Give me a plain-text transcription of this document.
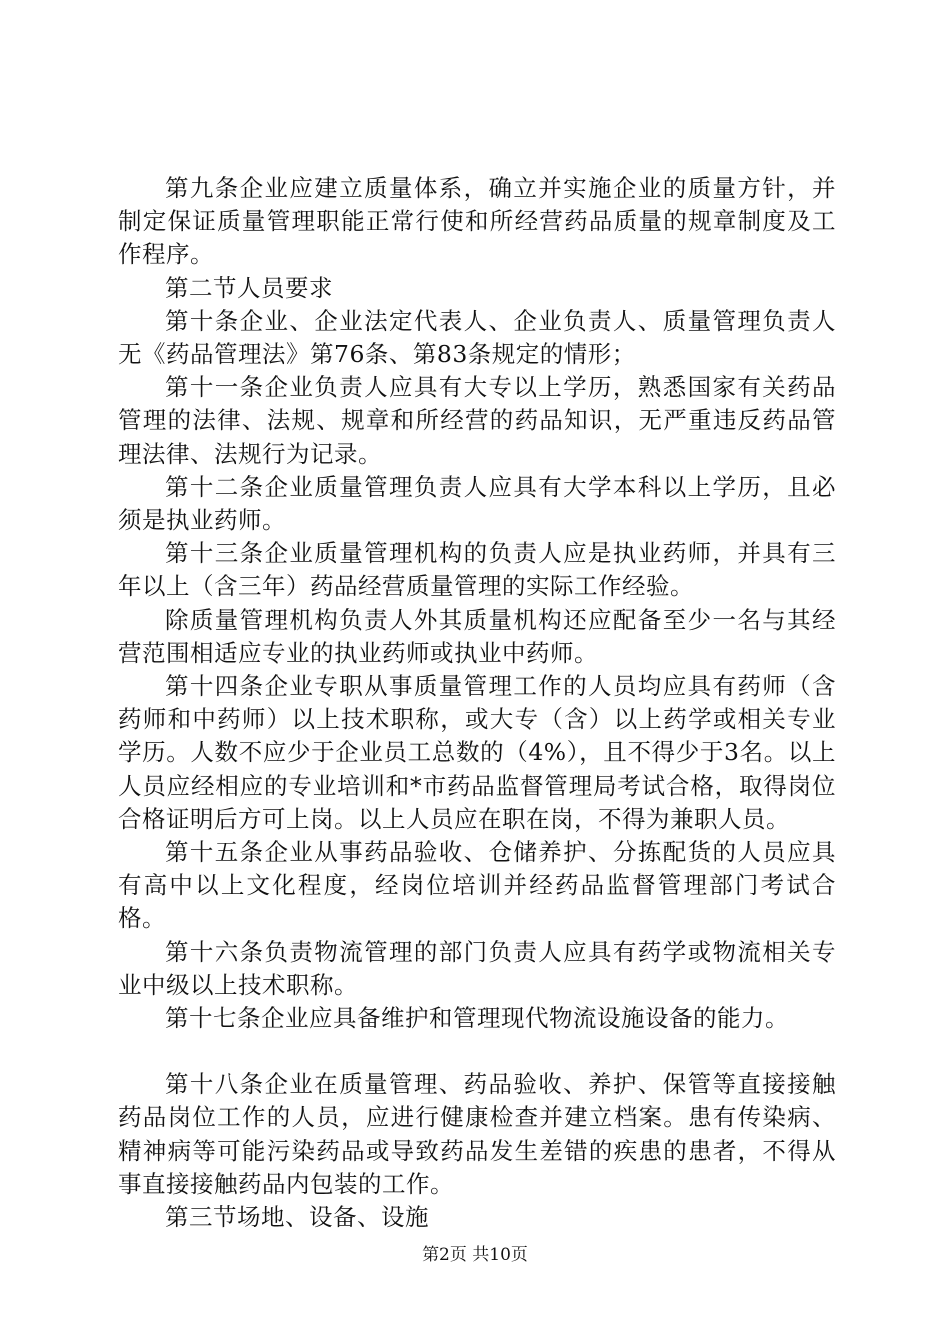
第九条企业应建立质量体系，确立并实施企业的质量方针，并制定保证质量管理职能正常行使和所经营药品质量的规章制度及工作程序。

第二节人员要求

第十条企业、企业法定代表人、企业负责人、质量管理负责人无《药品管理法》第76条、第83条规定的情形；

第十一条企业负责人应具有大专以上学历，熟悉国家有关药品管理的法律、法规、规章和所经营的药品知识，无严重违反药品管理法律、法规行为记录。

第十二条企业质量管理负责人应具有大学本科以上学历，且必须是执业药师。

第十三条企业质量管理机构的负责人应是执业药师，并具有三年以上（含三年）药品经营质量管理的实际工作经验。

除质量管理机构负责人外其质量机构还应配备至少一名与其经营范围相适应专业的执业药师或执业中药师。

第十四条企业专职从事质量管理工作的人员均应具有药师（含药师和中药师）以上技术职称，或大专（含）以上药学或相关专业学历。人数不应少于企业员工总数的（4%），且不得少于3名。以上人员应经相应的专业培训和*市药品监督管理局考试合格，取得岗位合格证明后方可上岗。以上人员应在职在岗，不得为兼职人员。

第十五条企业从事药品验收、仓储养护、分拣配货的人员应具有高中以上文化程度，经岗位培训并经药品监督管理部门考试合格。

第十六条负责物流管理的部门负责人应具有药学或物流相关专业中级以上技术职称。

第十七条企业应具备维护和管理现代物流设施设备的能力。

第十八条企业在质量管理、药品验收、养护、保管等直接接触药品岗位工作的人员，应进行健康检查并建立档案。患有传染病、精神病等可能污染药品或导致药品发生差错的疾患的患者，不得从事直接接触药品内包装的工作。

第三节场地、设备、设施

第2页 共10页
